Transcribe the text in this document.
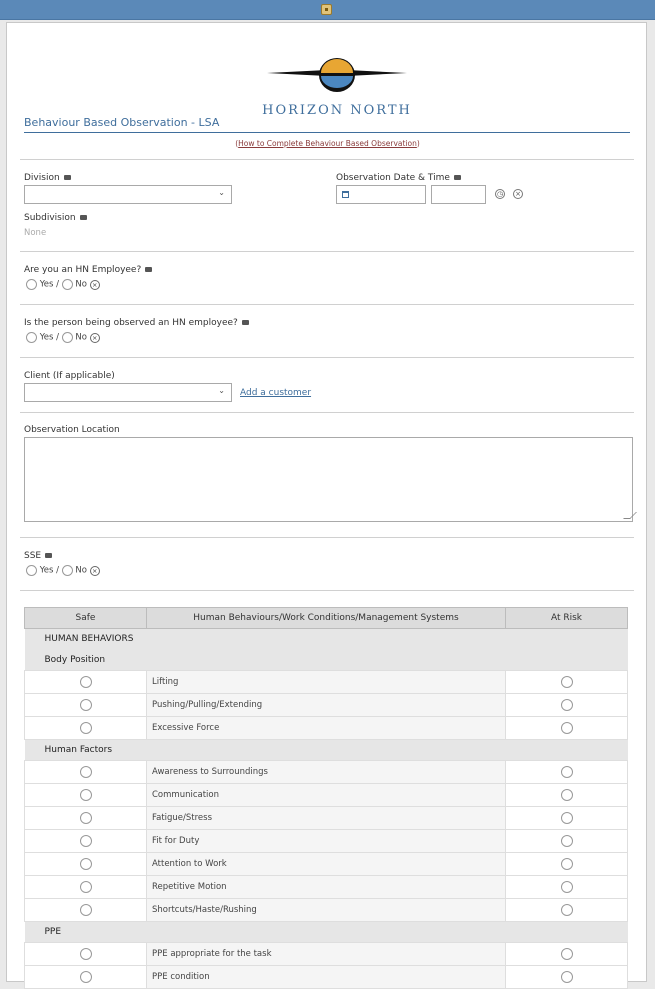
HORIZON NORTH
Behaviour Based Observation - LSA
(How to Complete Behaviour Based Observation)
Division
⌄
Observation Date & Time
◷ ×
Subdivision
None
Are you an HN Employee?
Yes / No ×
Is the person being observed an HN employee?
Yes / No ×
Client (If applicable)
⌄ Add a customer
Observation Location
SSE
Yes / No ×
Safe	Human Behaviours/Work Conditions/Management Systems	At Risk
HUMAN BEHAVIORS		
Body Position		
	Lifting	
	Pushing/Pulling/Extending	
	Excessive Force	
Human Factors		
	Awareness to Surroundings	
	Communication	
	Fatigue/Stress	
	Fit for Duty	
	Attention to Work	
	Repetitive Motion	
	Shortcuts/Haste/Rushing	
PPE		
	PPE appropriate for the task	
	PPE condition	
